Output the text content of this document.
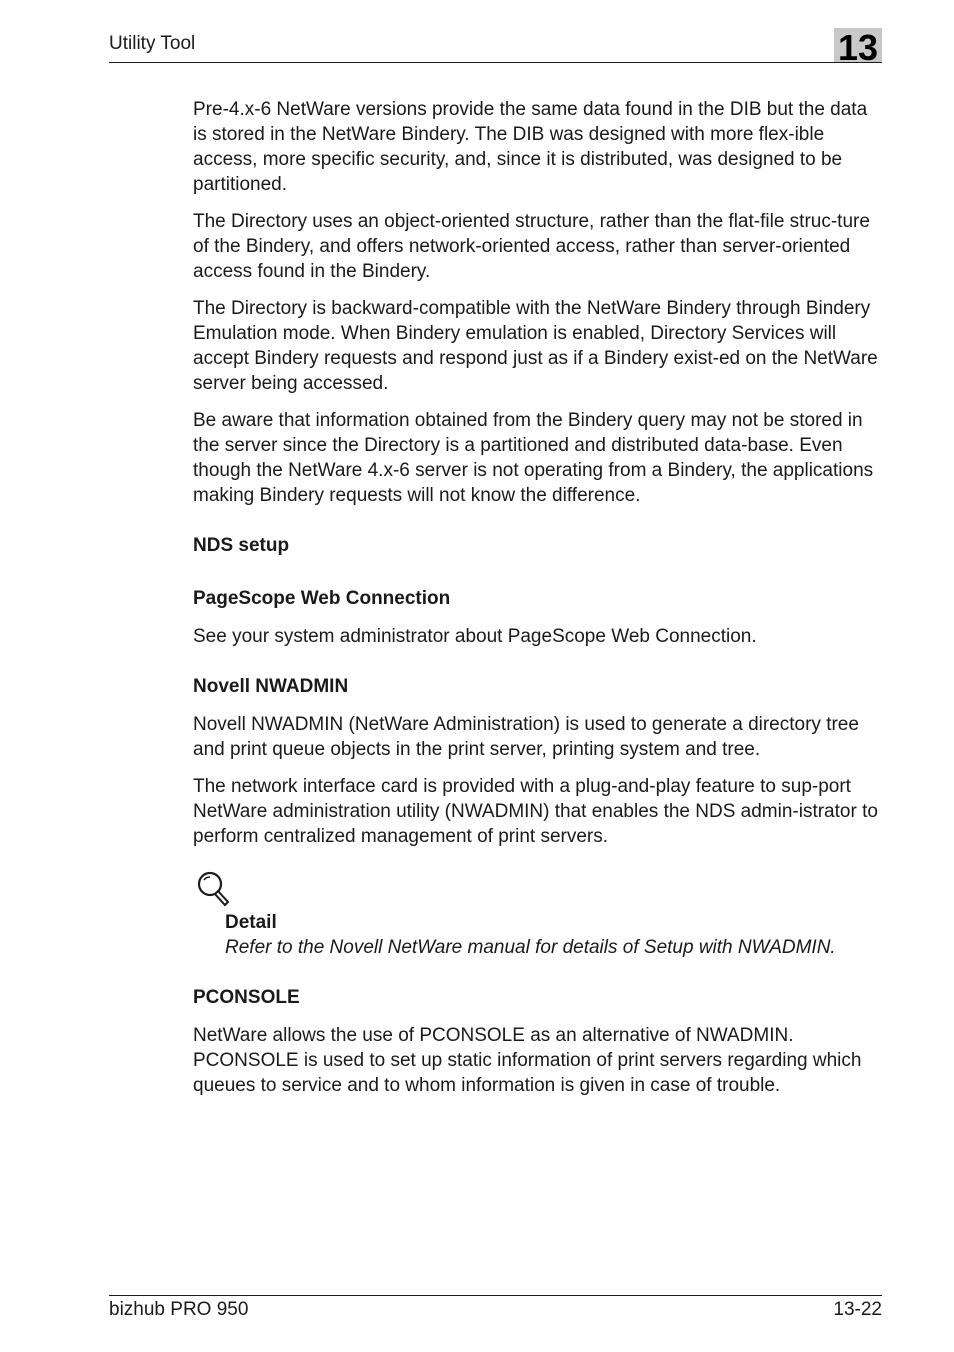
Utility Tool	13

Pre-4.x-6 NetWare versions provide the same data found in the DIB but the data is stored in the NetWare Bindery. The DIB was designed with more flex-ible access, more specific security, and, since it is distributed, was designed to be partitioned.

The Directory uses an object-oriented structure, rather than the flat-file struc-ture of the Bindery, and offers network-oriented access, rather than server-oriented access found in the Bindery.

The Directory is backward-compatible with the NetWare Bindery through Bindery Emulation mode. When Bindery emulation is enabled, Directory Services will accept Bindery requests and respond just as if a Bindery exist-ed on the NetWare server being accessed.

Be aware that information obtained from the Bindery query may not be stored in the server since the Directory is a partitioned and distributed data-base. Even though the NetWare 4.x-6 server is not operating from a Bindery, the applications making Bindery requests will not know the difference.

NDS setup
PageScope Web Connection

See your system administrator about PageScope Web Connection.

Novell NWADMIN

Novell NWADMIN (NetWare Administration) is used to generate a directory tree and print queue objects in the print server, printing system and tree.

The network interface card is provided with a plug-and-play feature to sup-port NetWare administration utility (NWADMIN) that enables the NDS admin-istrator to perform centralized management of print servers.

Detail
Refer to the Novell NetWare manual for details of Setup with NWADMIN.
PCONSOLE

NetWare allows the use of PCONSOLE as an alternative of NWADMIN. PCONSOLE is used to set up static information of print servers regarding which queues to service and to whom information is given in case of trouble.

bizhub PRO 950	13-22
